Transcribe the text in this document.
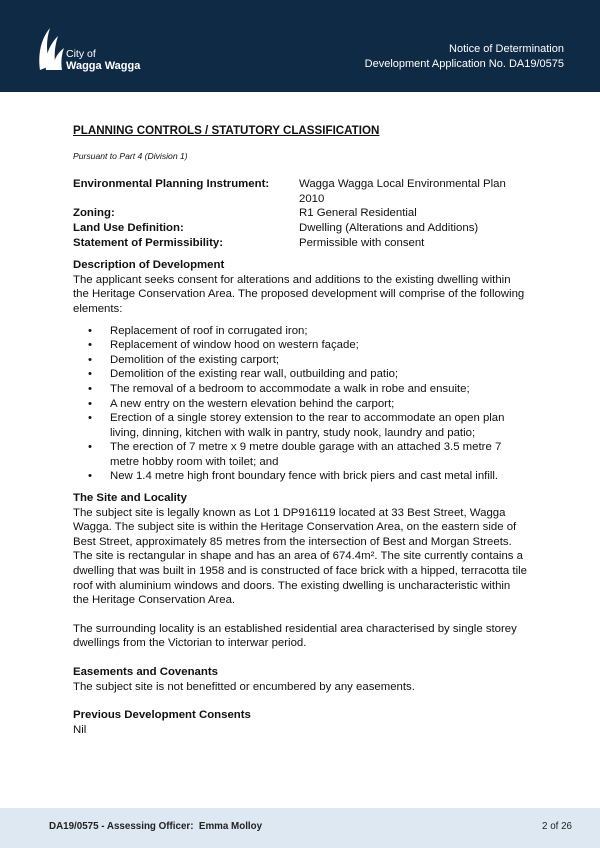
City of
Wagga Wagga
Notice of Determination
Development Application No. DA19/0575
PLANNING CONTROLS / STATUTORY CLASSIFICATION
Pursuant to Part 4 (Division 1)
Environmental Planning Instrument:	Wagga Wagga Local Environmental Plan 2010
Zoning:	R1 General Residential
Land Use Definition:	Dwelling (Alterations and Additions)
Statement of Permissibility:	Permissible with consent
Description of Development

The applicant seeks consent for alterations and additions to the existing dwelling within the Heritage Conservation Area. The proposed development will comprise of the following elements:

• Replacement of roof in corrugated iron;
• Replacement of window hood on western façade;
• Demolition of the existing carport;
• Demolition of the existing rear wall, outbuilding and patio;
• The removal of a bedroom to accommodate a walk in robe and ensuite;
• A new entry on the western elevation behind the carport;
• Erection of a single storey extension to the rear to accommodate an open plan living, dinning, kitchen with walk in pantry, study nook, laundry and patio;
• The erection of 7 metre x 9 metre double garage with an attached 3.5 metre 7 metre hobby room with toilet; and
• New 1.4 metre high front boundary fence with brick piers and cast metal infill.
The Site and Locality

The subject site is legally known as Lot 1 DP916119 located at 33 Best Street, Wagga Wagga. The subject site is within the Heritage Conservation Area, on the eastern side of Best Street, approximately 85 metres from the intersection of Best and Morgan Streets. The site is rectangular in shape and has an area of 674.4m². The site currently contains a dwelling that was built in 1958 and is constructed of face brick with a hipped, terracotta tile roof with aluminium windows and doors. The existing dwelling is uncharacteristic within the Heritage Conservation Area.

The surrounding locality is an established residential area characterised by single storey dwellings from the Victorian to interwar period.

Easements and Covenants

The subject site is not benefitted or encumbered by any easements.

Previous Development Consents

Nil

DA19/0575 - Assessing Officer:  Emma Molloy	2 of 26
